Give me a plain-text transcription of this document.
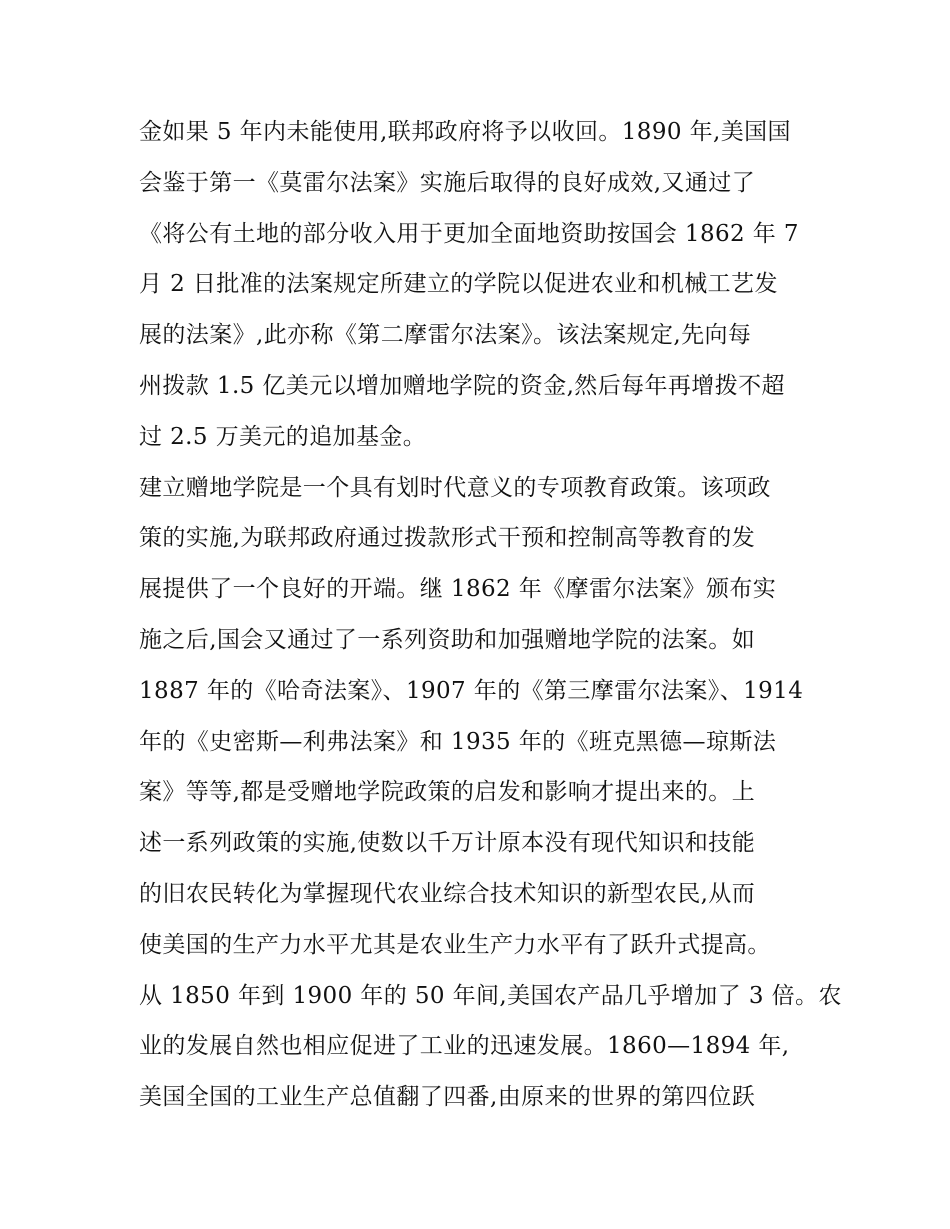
金如果 5 年内未能使用,联邦政府将予以收回。1890 年,美国国
会鉴于第一《莫雷尔法案》实施后取得的良好成效,又通过了
《将公有土地的部分收入用于更加全面地资助按国会 1862 年 7
月 2 日批准的法案规定所建立的学院以促进农业和机械工艺发
展的法案》,此亦称《第二摩雷尔法案》。该法案规定,先向每
州拨款 1.5 亿美元以增加赠地学院的资金,然后每年再增拨不超
过 2.5 万美元的追加基金。
建立赠地学院是一个具有划时代意义的专项教育政策。该项政
策的实施,为联邦政府通过拨款形式干预和控制高等教育的发
展提供了一个良好的开端。继 1862 年《摩雷尔法案》颁布实
施之后,国会又通过了一系列资助和加强赠地学院的法案。如
1887 年的《哈奇法案》、1907 年的《第三摩雷尔法案》、1914
年的《史密斯—利弗法案》和 1935 年的《班克黑德—琼斯法
案》等等,都是受赠地学院政策的启发和影响才提出来的。上
述一系列政策的实施,使数以千万计原本没有现代知识和技能
的旧农民转化为掌握现代农业综合技术知识的新型农民,从而
使美国的生产力水平尤其是农业生产力水平有了跃升式提高。
从 1850 年到 1900 年的 50 年间,美国农产品几乎增加了 3 倍。农
业的发展自然也相应促进了工业的迅速发展。1860—1894 年,
美国全国的工业生产总值翻了四番,由原来的世界的第四位跃
